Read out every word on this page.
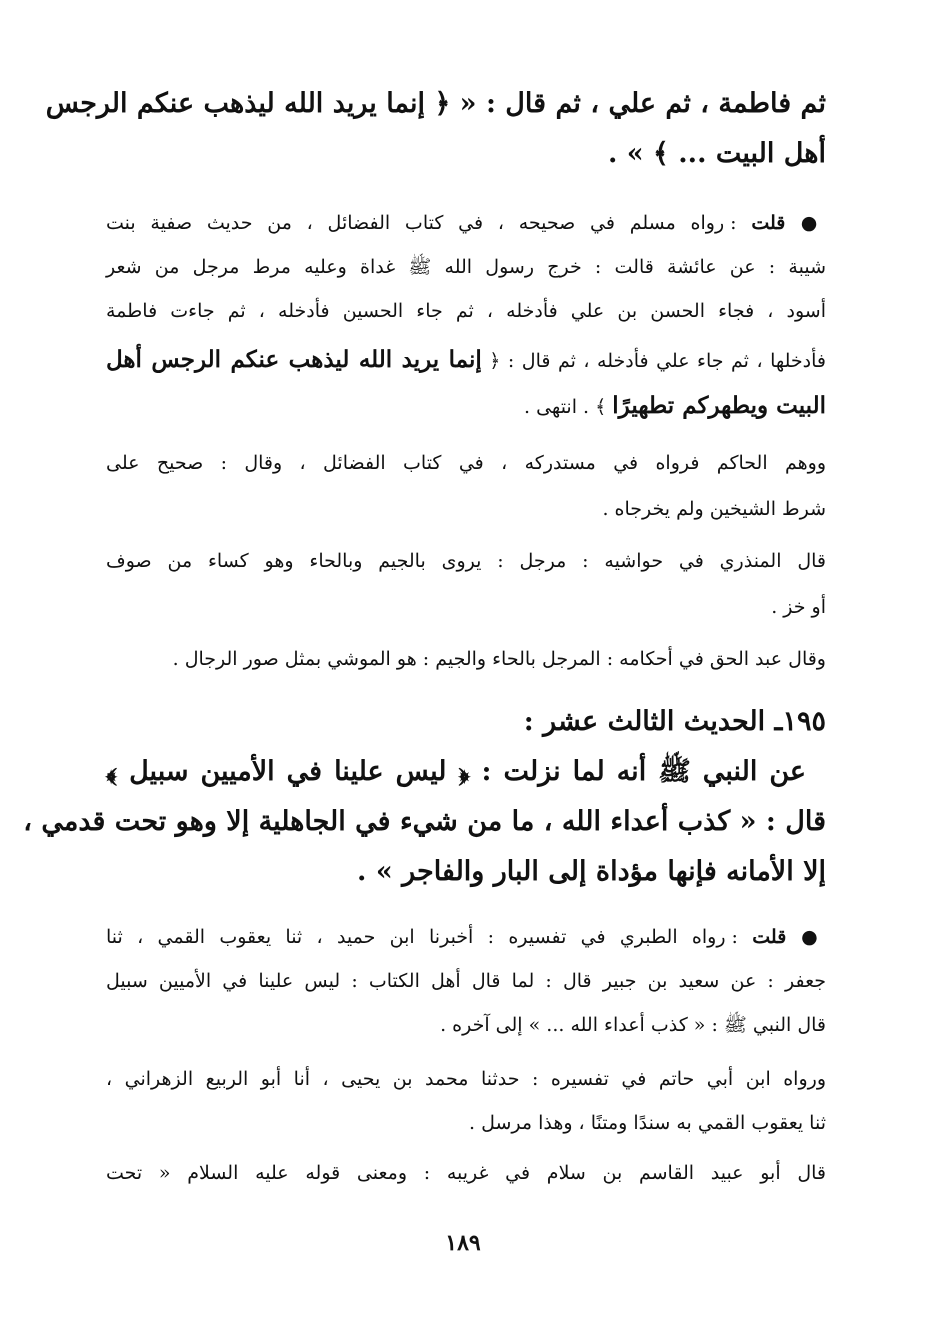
ثم فاطمة ، ثم علي ، ثم قال : « ﴿ إنما يريد الله ليذهب عنكم الرجس
أهل البيت ... ﴾ » .
● قلت : رواه مسلم في صحيحه ، في كتاب الفضائل ، من حديث صفية بنت
شيبة : عن عائشة قالت : خرج رسول الله ﷺ غداة وعليه مرط مرجل من شعر
أسود ، فجاء الحسن بن علي فأدخله ، ثم جاء الحسين فأدخله ، ثم جاءت فاطمة
فأدخلها ، ثم جاء علي فأدخله ، ثم قال : ﴿ إنما يريد الله ليذهب عنكم الرجس أهل
البيت ويطهركم تطهيرًا ﴾ . انتهى .
ووهم الحاكم فرواه في مستدركه ، في كتاب الفضائل ، وقال : صحيح على
شرط الشيخين ولم يخرجاه .
قال المنذري في حواشيه : مرجل : يروى بالجيم وبالحاء وهو كساء من صوف
أو خز .
وقال عبد الحق في أحكامه : المرجل بالحاء والجيم : هو الموشي بمثل صور الرجال .
١٩٥ـ الحديث الثالث عشر :
عن النبي ﷺ أنه لما نزلت : ﴿ ليس علينا في الأميين سبيل ﴾
قال : « كذب أعداء الله ، ما من شيء في الجاهلية إلا وهو تحت قدمي ،
إلا الأمانه فإنها مؤداة إلى البار والفاجر » .
● قلت : رواه الطبري في تفسيره : أخبرنا ابن حميد ، ثنا يعقوب القمي ، ثنا
جعفر : عن سعيد بن جبير قال : لما قال أهل الكتاب : ليس علينا في الأميين سبيل
قال النبي ﷺ : « كذب أعداء الله ... » إلى آخره .
ورواه ابن أبي حاتم في تفسيره : حدثنا محمد بن يحيى ، أنا أبو الربيع الزهراني ،
ثنا يعقوب القمي به سندًا ومتنًا ، وهذا مرسل .
قال أبو عبيد القاسم بن سلام في غريبه : ومعنى قوله عليه السلام « تحت
١٨٩
